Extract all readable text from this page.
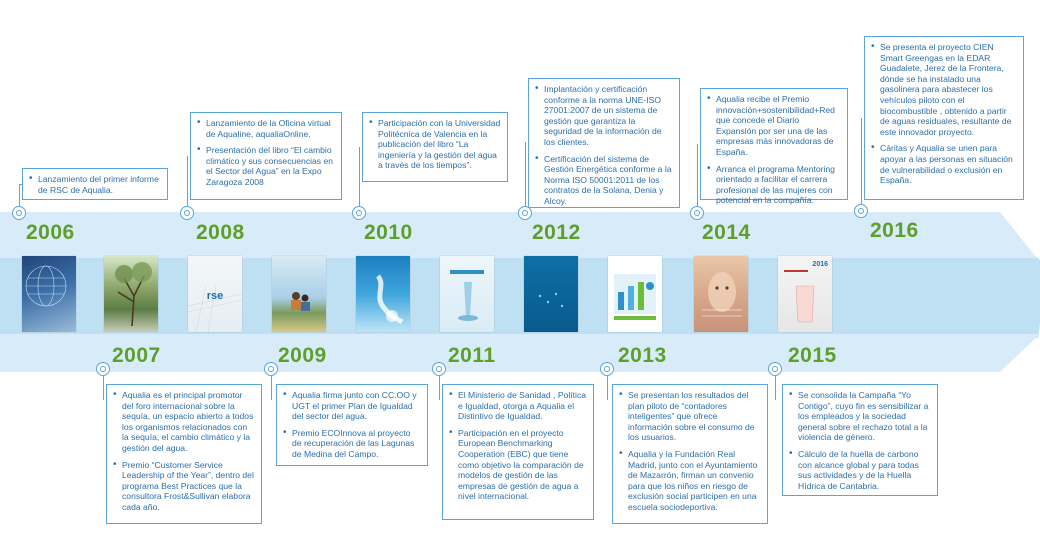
• Lanzamiento del primer informe de RSC de Aqualia.
2006
• Lanzamiento de la Oficina virtual de Aqualine, aqualiaOnline.
• Presentación del libro “El cambio climático y sus consecuencias en el Sector del Agua” en la Expo Zaragoza 2008
2008
• Participación con la Universidad Politécnica de Valencia en la publicación del libro “La ingeniería y la gestión del agua a través de los tiempos”.
2010
• Implantación y certificación conforme a la norma UNE-ISO 27001:2007 de un sistema de gestión que garantiza la seguridad de la información de los clientes.
• Certificación del sistema de Gestión Energética conforme a la Norma ISO 50001:2011 de los contratos de la Solana, Denia y Alcoy.
2012
• Aqualia recibe el Premio innovación+sostenibilidad+Red que concede el Diario Expansión por ser una de las empresas más innovadoras de España.
• Arranca el programa Mentoring orientado a facilitar el carrera profesional de las mujeres con potencial en la compañía.
2014
• Se presenta el proyecto CIEN Smart Greengas en la EDAR Guadalete, Jerez de la Frontera, dónde se ha instalado una gasolinera para abastecer los vehículos piloto con el biocombustible , obtenido a partir de aguas residuales, resultante de este innovador proyecto.
• Cáritas y Aqualia se unen para apoyar a las personas en situación de vulnerabilidad o exclusión en España.
2016
rse
2016
2007
• Aqualia es el principal promotor del foro internacional sobre la sequía, un espacio abierto a todos los organismos relacionados con la sequía, el cambio climático y la gestión del agua.
• Premio “Customer Service Leadership of the Year”, dentro del programa Best Practices que la consultora Frost&Sullivan elabora cada año.
2009
• Aqualia firma junto con CC.OO y UGT el primer Plan de Igualdad del sector del agua.
• Premio ECOInnova al proyecto de recuperación de las Lagunas de Medina del Campo.
2011
• El Ministerio de Sanidad , Política e Igualdad, otorga a Aqualia el Distintivo de Igualdad.
• Participación en el proyecto European Benchmarking Cooperation (EBC) que tiene como objetivo la comparación de modelos de gestión de las empresas de gestión de agua a nivel internacional.
2013
• Se presentan los resultados del plan piloto de “contadores inteligentes” que ofrece información sobre el consumo de los usuarios.
• Aqualia y la Fundación Real Madrid, junto con el Ayuntamiento de Mazarrón, firman un convenio para que los niños en riesgo de exclusión social participen en una escuela sociodeportiva.
2015
• Se consolida la Campaña “Yo Contigo”, cuyo fin es sensibilizar a los empleados y la sociedad general sobre el rechazo total a la violencia de género.
• Cálculo de la huella de carbono con alcance global y para todas sus actividades y de la Huella Hídrica de Cantabria.
